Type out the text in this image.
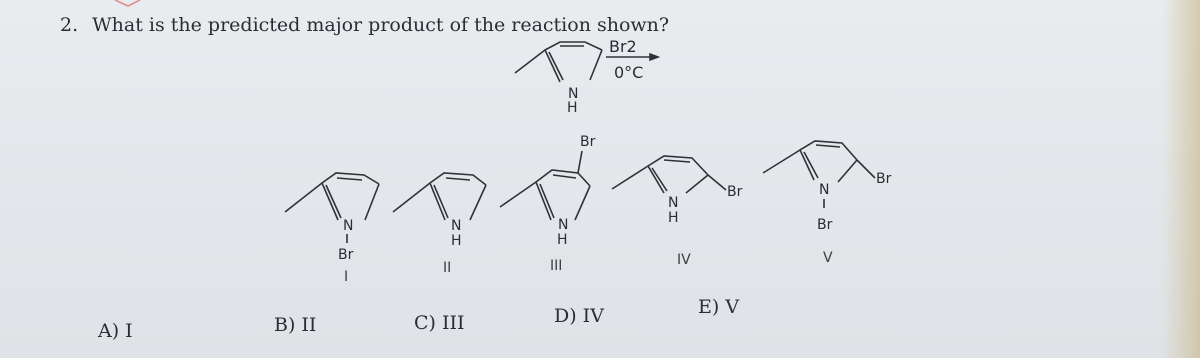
2. What is the predicted major product of the reaction shown?
N
H
Br2
0°C
N
Br
N
H
Br
N
H
Br
N
H
Br
N
Br
I
II	III	IV	V
A) I	B) II	C) III	D) IV	E) V
